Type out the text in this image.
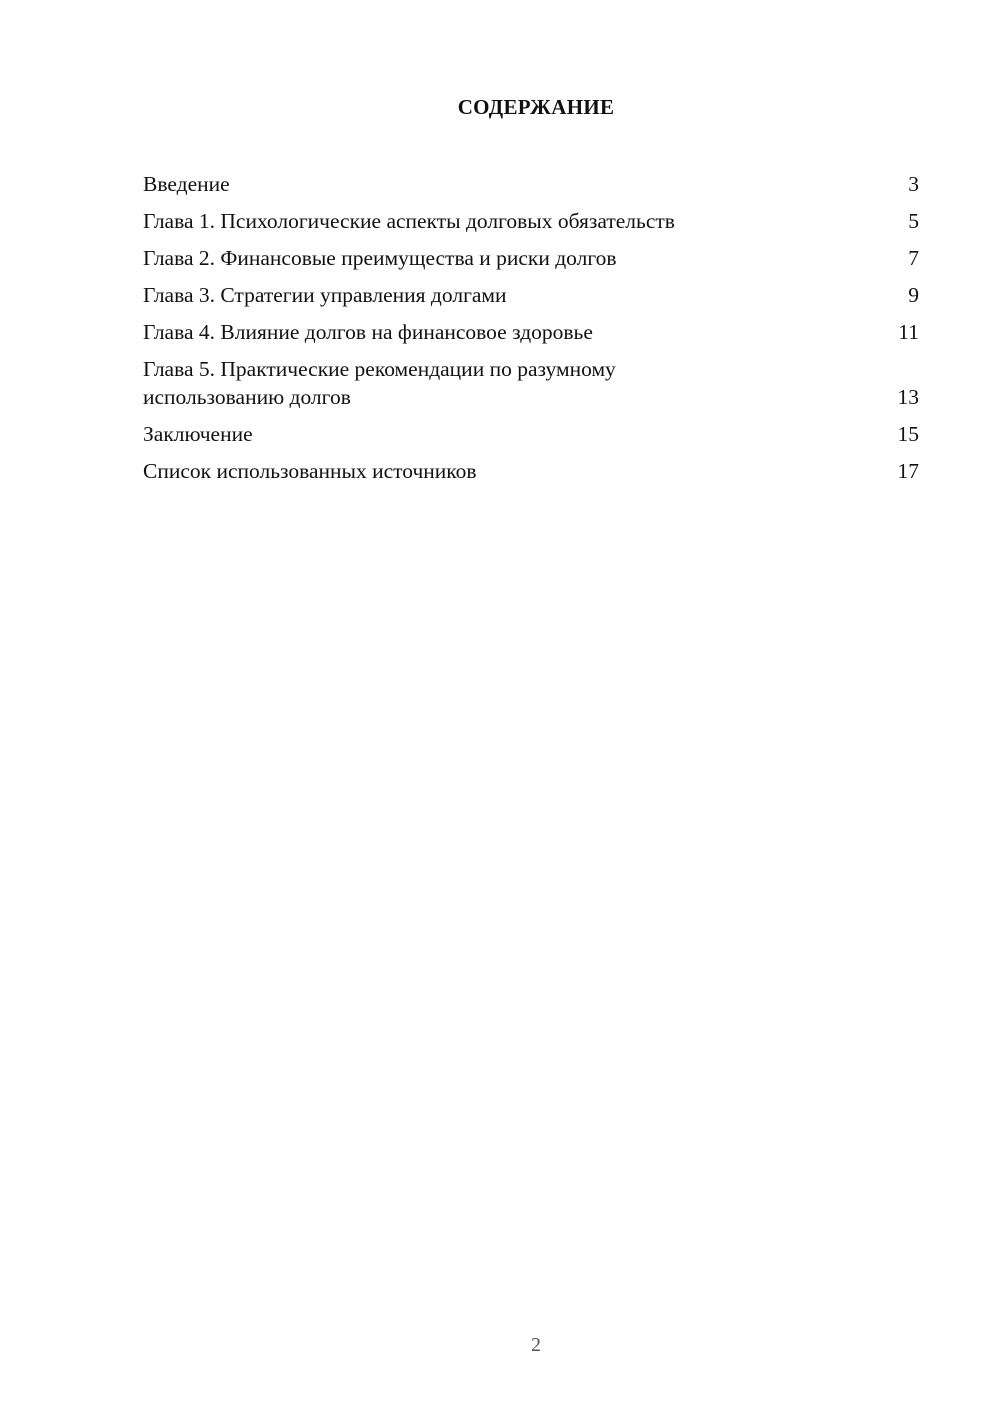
СОДЕРЖАНИЕ
Введение	3
Глава 1. Психологические аспекты долговых обязательств	5
Глава 2. Финансовые преимущества и риски долгов	7
Глава 3. Стратегии управления долгами	9
Глава 4. Влияние долгов на финансовое здоровье	11
Глава 5. Практические рекомендации по разумному использованию долгов	13
Заключение	15
Список использованных источников	17
2
